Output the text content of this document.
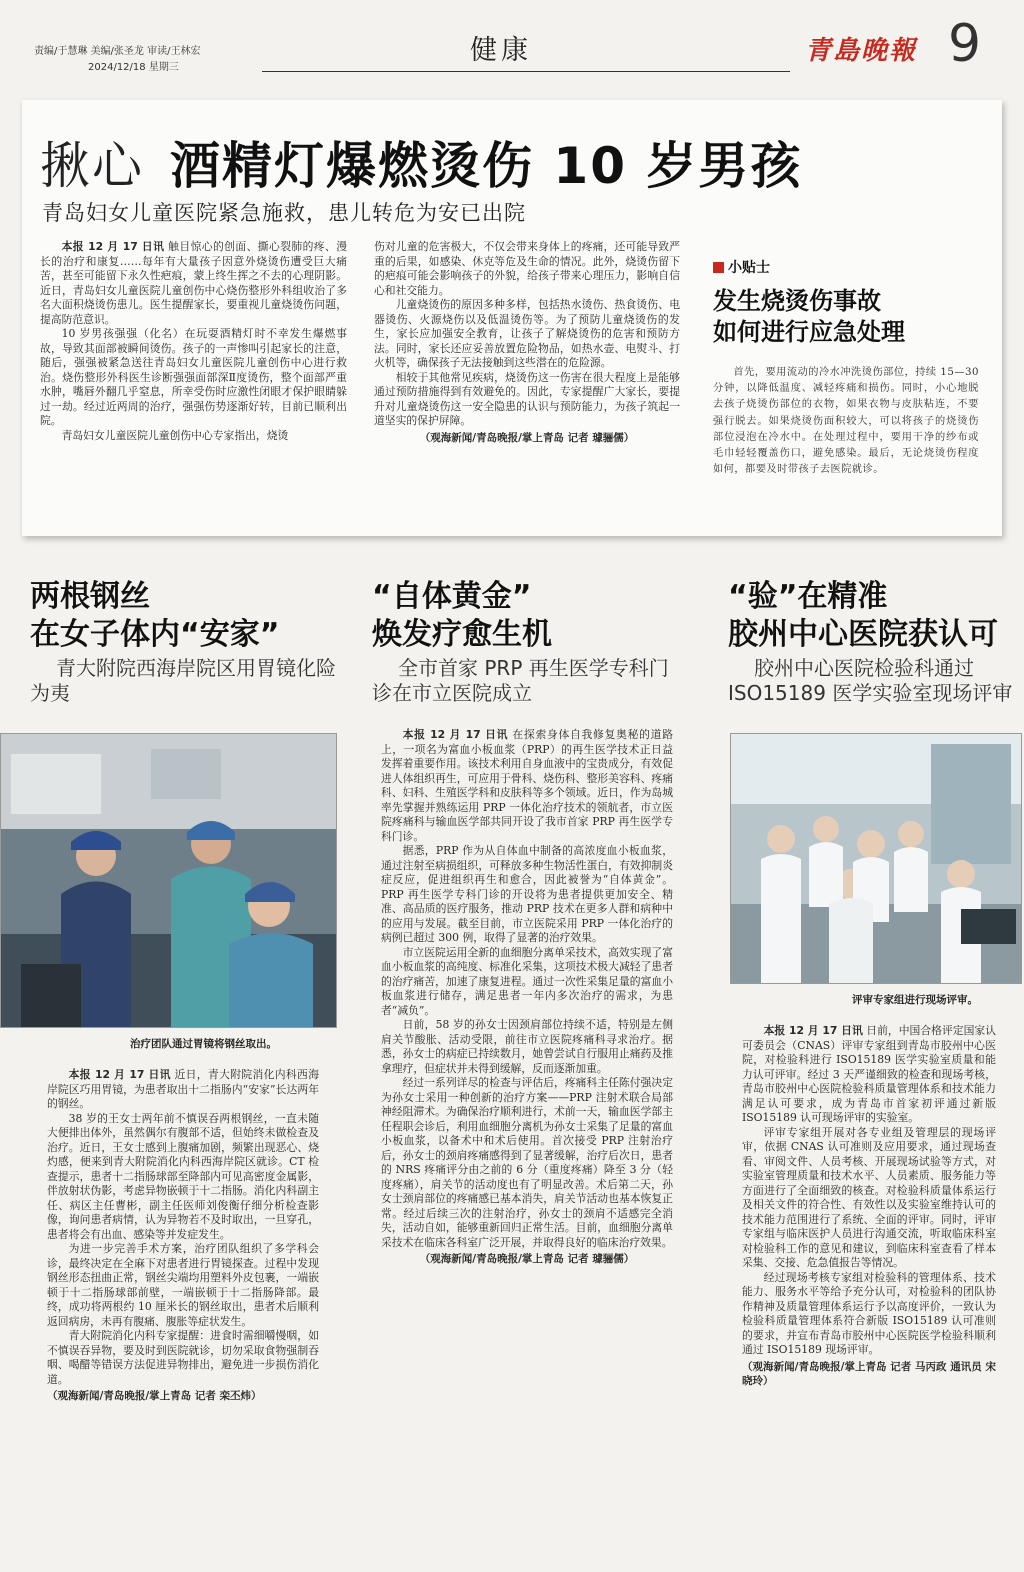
责编/于慧琳 美编/张圣龙 审读/王林宏
2024/12/18 星期三
健康	青島晚報 9
揪心 酒精灯爆燃烫伤 10 岁男孩
青岛妇女儿童医院紧急施救，患儿转危为安已出院

本报 12 月 17 日讯 触目惊心的创面、撕心裂肺的疼、漫长的治疗和康复……每年有大量孩子因意外烧烫伤遭受巨大痛苦，甚至可能留下永久性疤痕，蒙上终生挥之不去的心理阴影。近日，青岛妇女儿童医院儿童创伤中心烧伤整形外科组收治了多名大面积烧烫伤患儿。医生提醒家长，要重视儿童烧烫伤问题，提高防范意识。

10 岁男孩强强（化名）在玩耍酒精灯时不幸发生爆燃事故，导致其面部被瞬间烫伤。孩子的一声惨叫引起家长的注意，随后，强强被紧急送往青岛妇女儿童医院儿童创伤中心进行救治。烧伤整形外科医生诊断强强面部深Ⅱ度烫伤，整个面部严重水肿，嘴唇外翻几乎窒息，所幸受伤时应激性闭眼才保护眼睛躲过一劫。经过近两周的治疗，强强伤势逐渐好转，目前已顺利出院。

青岛妇女儿童医院儿童创伤中心专家指出，烧烫

伤对儿童的危害极大，不仅会带来身体上的疼痛，还可能导致严重的后果，如感染、休克等危及生命的情况。此外，烧烫伤留下的疤痕可能会影响孩子的外貌，给孩子带来心理压力，影响自信心和社交能力。

儿童烧烫伤的原因多种多样，包括热水烫伤、热食烫伤、电器烫伤、火源烧伤以及低温烫伤等。为了预防儿童烧烫伤的发生，家长应加强安全教育，让孩子了解烧烫伤的危害和预防方法。同时，家长还应妥善放置危险物品，如热水壶、电熨斗、打火机等，确保孩子无法接触到这些潜在的危险源。

相较于其他常见疾病，烧烫伤这一伤害在很大程度上是能够通过预防措施得到有效避免的。因此，专家提醒广大家长，要提升对儿童烧烫伤这一安全隐患的认识与预防能力，为孩子筑起一道坚实的保护屏障。

（观海新闻/青岛晚报/掌上青岛 记者 璩骊儒）
小贴士
发生烧烫伤事故
如何进行应急处理
首先，要用流动的冷水冲洗烫伤部位，持续 15—30 分钟，以降低温度、减轻疼痛和损伤。同时，小心地脱去孩子烧烫伤部位的衣物，如果衣物与皮肤粘连，不要强行脱去。如果烧烫伤面积较大，可以将孩子的烧烫伤部位浸泡在冷水中。在处理过程中，要用干净的纱布或毛巾轻轻覆盖伤口，避免感染。最后，无论烧烫伤程度如何，都要及时带孩子去医院就诊。
两根钢丝
在女子体内“安家”
青大附院西海岸院区用胃镜化险为夷
治疗团队通过胃镜将钢丝取出。

本报 12 月 17 日讯 近日，青大附院消化内科西海岸院区巧用胃镜，为患者取出十二指肠内“安家”长达两年的钢丝。

38 岁的王女士两年前不慎误吞两根钢丝，一直未随大便排出体外，虽然偶尔有腹部不适，但始终未做检查及治疗。近日，王女士感到上腹痛加剧，频繁出现恶心、烧灼感，便来到青大附院消化内科西海岸院区就诊。CT 检查提示，患者十二指肠球部至降部内可见高密度金属影，伴放射状伪影，考虑异物嵌顿于十二指肠。消化内科副主任、病区主任曹彬，副主任医师刘俊衡仔细分析检查影像，询问患者病情，认为异物若不及时取出，一旦穿孔，患者将会有出血、感染等并发症发生。

为进一步完善手术方案，治疗团队组织了多学科会诊，最终决定在全麻下对患者进行胃镜探查。过程中发现钢丝形态扭曲正常，钢丝尖端均用塑料外皮包裹，一端嵌顿于十二指肠球部前壁，一端嵌顿于十二指肠降部。最终，成功将两根约 10 厘米长的钢丝取出，患者术后顺利返回病房，未再有腹痛、腹胀等症状发生。

青大附院消化内科专家提醒：进食时需细嚼慢咽，如不慎误吞异物，要及时到医院就诊，切勿采取食物强制吞咽、喝醋等错误方法促进异物排出，避免进一步损伤消化道。

（观海新闻/青岛晚报/掌上青岛 记者 栾丕炜）
“自体黄金”
焕发疗愈生机
全市首家 PRP 再生医学专科门诊在市立医院成立

本报 12 月 17 日讯 在探索身体自我修复奥秘的道路上，一项名为富血小板血浆（PRP）的再生医学技术正日益发挥着重要作用。该技术利用自身血液中的宝贵成分，有效促进人体组织再生，可应用于骨科、烧伤科、整形美容科、疼痛科、妇科、生殖医学科和皮肤科等多个领域。近日，作为岛城率先掌握并熟练运用 PRP 一体化治疗技术的领航者，市立医院疼痛科与输血医学部共同开设了我市首家 PRP 再生医学专科门诊。

据悉，PRP 作为从自体血中制备的高浓度血小板血浆，通过注射至病损组织，可释放多种生物活性蛋白，有效抑制炎症反应，促进组织再生和愈合，因此被誉为“自体黄金”。PRP 再生医学专科门诊的开设将为患者提供更加安全、精准、高品质的医疗服务，推动 PRP 技术在更多人群和病种中的应用与发展。截至目前，市立医院采用 PRP 一体化治疗的病例已超过 300 例，取得了显著的治疗效果。

市立医院运用全新的血细胞分离单采技术，高效实现了富血小板血浆的高纯度、标准化采集，这项技术极大减轻了患者的治疗痛苦，加速了康复进程。通过一次性采集足量的富血小板血浆进行储存，满足患者一年内多次治疗的需求，为患者“减负”。

日前，58 岁的孙女士因颈肩部位持续不适，特别是左侧肩关节酸胀、活动受限，前往市立医院疼痛科寻求治疗。据悉，孙女士的病症已持续数月，她曾尝试自行服用止痛药及推拿理疗，但症状并未得到缓解，反而逐渐加重。

经过一系列详尽的检查与评估后，疼痛科主任陈付强决定为孙女士采用一种创新的治疗方案——PRP 注射术联合局部神经阻滞术。为确保治疗顺利进行，术前一天，输血医学部主任程职会诊后，利用血细胞分离机为孙女士采集了足量的富血小板血浆，以备术中和术后使用。首次接受 PRP 注射治疗后，孙女士的颈肩疼痛感得到了显著缓解，治疗后次日，患者的 NRS 疼痛评分由之前的 6 分（重度疼痛）降至 3 分（轻度疼痛），肩关节的活动度也有了明显改善。术后第二天，孙女士颈肩部位的疼痛感已基本消失，肩关节活动也基本恢复正常。经过后续三次的注射治疗，孙女士的颈肩不适感完全消失，活动自如，能够重新回归正常生活。目前，血细胞分离单采技术在临床各科室广泛开展，并取得良好的临床治疗效果。

（观海新闻/青岛晚报/掌上青岛 记者 璩骊儒）
“验”在精准
胶州中心医院获认可
胶州中心医院检验科通过 ISO15189 医学实验室现场评审
评审专家组进行现场评审。

本报 12 月 17 日讯 日前，中国合格评定国家认可委员会（CNAS）评审专家组到青岛市胶州中心医院，对检验科进行 ISO15189 医学实验室质量和能力认可评审。经过 3 天严谨细致的检查和现场考核，青岛市胶州中心医院检验科质量管理体系和技术能力满足认可要求，成为青岛市首家初评通过新版 ISO15189 认可现场评审的实验室。

评审专家组开展对各专业组及管理层的现场评审，依据 CNAS 认可准则及应用要求，通过现场查看、审阅文件、人员考核、开展现场试验等方式，对实验室管理质量和技术水平、人员素质、服务能力等方面进行了全面细致的核查。对检验科质量体系运行及相关文件的符合性、有效性以及实验室维持认可的技术能力范围进行了系统、全面的评审。同时，评审专家组与临床医护人员进行沟通交流，听取临床科室对检验科工作的意见和建议，到临床科室查看了样本采集、交接、危急值报告等情况。

经过现场考核专家组对检验科的管理体系、技术能力、服务水平等给予充分认可，对检验科的团队协作精神及质量管理体系运行予以高度评价，一致认为检验科质量管理体系符合新版 ISO15189 认可准则的要求，并宣布青岛市胶州中心医院医学检验科顺利通过 ISO15189 现场评审。

（观海新闻/青岛晚报/掌上青岛 记者 马丙政 通讯员 宋晓玲）
